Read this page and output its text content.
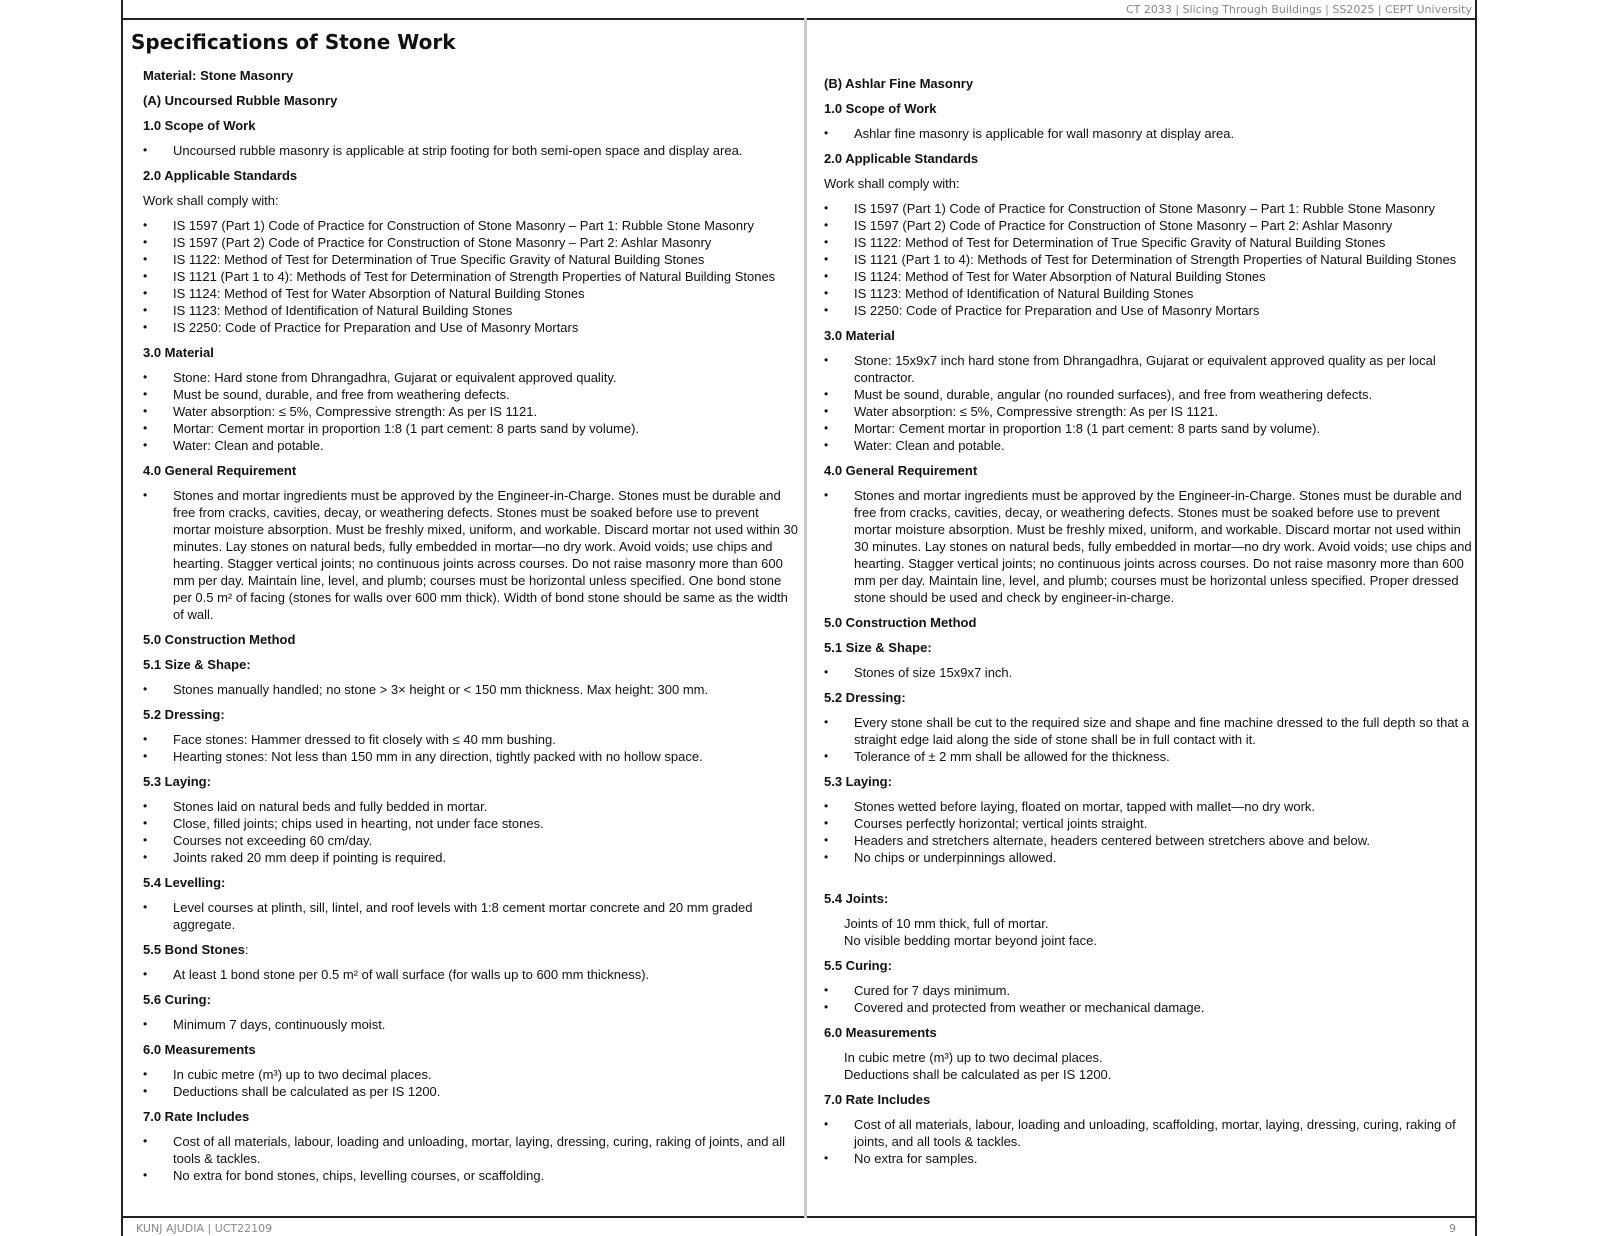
CT 2033 | Slicing Through Buildings | SS2025 | CEPT University
KUNJ AJUDIA | UCT22109	9
Specifications of Stone Work
Material: Stone Masonry
(A) Uncoursed Rubble Masonry
1.0 Scope of Work
• Uncoursed rubble masonry is applicable at strip footing for both semi-open space and display area.
2.0 Applicable Standards
Work shall comply with:
• IS 1597 (Part 1) Code of Practice for Construction of Stone Masonry – Part 1: Rubble Stone Masonry
• IS 1597 (Part 2) Code of Practice for Construction of Stone Masonry – Part 2: Ashlar Masonry
• IS 1122: Method of Test for Determination of True Specific Gravity of Natural Building Stones
• IS 1121 (Part 1 to 4): Methods of Test for Determination of Strength Properties of Natural Building Stones
• IS 1124: Method of Test for Water Absorption of Natural Building Stones
• IS 1123: Method of Identification of Natural Building Stones
• IS 2250: Code of Practice for Preparation and Use of Masonry Mortars
3.0 Material
• Stone: Hard stone from Dhrangadhra, Gujarat or equivalent approved quality.
• Must be sound, durable, and free from weathering defects.
• Water absorption: ≤ 5%, Compressive strength: As per IS 1121.
• Mortar: Cement mortar in proportion 1:8 (1 part cement: 8 parts sand by volume).
• Water: Clean and potable.
4.0 General Requirement
• Stones and mortar ingredients must be approved by the Engineer-in-Charge. Stones must be durable and free from cracks, cavities, decay, or weathering defects. Stones must be soaked before use to prevent mortar moisture absorption. Must be freshly mixed, uniform, and workable. Discard mortar not used within 30 minutes. Lay stones on natural beds, fully embedded in mortar—no dry work. Avoid voids; use chips and hearting. Stagger vertical joints; no continuous joints across courses. Do not raise masonry more than 600 mm per day. Maintain line, level, and plumb; courses must be horizontal unless specified. One bond stone per 0.5 m² of facing (stones for walls over 600 mm thick). Width of bond stone should be same as the width of wall.
5.0 Construction Method
5.1 Size & Shape:
• Stones manually handled; no stone > 3× height or < 150 mm thickness. Max height: 300 mm.
5.2 Dressing:
• Face stones: Hammer dressed to fit closely with ≤ 40 mm bushing.
• Hearting stones: Not less than 150 mm in any direction, tightly packed with no hollow space.
5.3 Laying:
• Stones laid on natural beds and fully bedded in mortar.
• Close, filled joints; chips used in hearting, not under face stones.
• Courses not exceeding 60 cm/day.
• Joints raked 20 mm deep if pointing is required.
5.4 Levelling:
• Level courses at plinth, sill, lintel, and roof levels with 1:8 cement mortar concrete and 20 mm graded aggregate.
5.5 Bond Stones:
• At least 1 bond stone per 0.5 m² of wall surface (for walls up to 600 mm thickness).
5.6 Curing:
• Minimum 7 days, continuously moist.
6.0 Measurements
• In cubic metre (m³) up to two decimal places.
• Deductions shall be calculated as per IS 1200.
7.0 Rate Includes
• Cost of all materials, labour, loading and unloading, mortar, laying, dressing, curing, raking of joints, and all tools & tackles.
• No extra for bond stones, chips, levelling courses, or scaffolding.
(B) Ashlar Fine Masonry
1.0 Scope of Work
• Ashlar fine masonry is applicable for wall masonry at display area.
2.0 Applicable Standards
Work shall comply with:
• IS 1597 (Part 1) Code of Practice for Construction of Stone Masonry – Part 1: Rubble Stone Masonry
• IS 1597 (Part 2) Code of Practice for Construction of Stone Masonry – Part 2: Ashlar Masonry
• IS 1122: Method of Test for Determination of True Specific Gravity of Natural Building Stones
• IS 1121 (Part 1 to 4): Methods of Test for Determination of Strength Properties of Natural Building Stones
• IS 1124: Method of Test for Water Absorption of Natural Building Stones
• IS 1123: Method of Identification of Natural Building Stones
• IS 2250: Code of Practice for Preparation and Use of Masonry Mortars
3.0 Material
• Stone: 15x9x7 inch hard stone from Dhrangadhra, Gujarat or equivalent approved quality as per local contractor.
• Must be sound, durable, angular (no rounded surfaces), and free from weathering defects.
• Water absorption: ≤ 5%, Compressive strength: As per IS 1121.
• Mortar: Cement mortar in proportion 1:8 (1 part cement: 8 parts sand by volume).
• Water: Clean and potable.
4.0 General Requirement
• Stones and mortar ingredients must be approved by the Engineer-in-Charge. Stones must be durable and free from cracks, cavities, decay, or weathering defects. Stones must be soaked before use to prevent mortar moisture absorption. Must be freshly mixed, uniform, and workable. Discard mortar not used within 30 minutes. Lay stones on natural beds, fully embedded in mortar—no dry work. Avoid voids; use chips and hearting. Stagger vertical joints; no continuous joints across courses. Do not raise masonry more than 600 mm per day. Maintain line, level, and plumb; courses must be horizontal unless specified. Proper dressed stone should be used and check by engineer-in-charge.
5.0 Construction Method
5.1 Size & Shape:
• Stones of size 15x9x7 inch.
5.2 Dressing:
• Every stone shall be cut to the required size and shape and fine machine dressed to the full depth so that a straight edge laid along the side of stone shall be in full contact with it.
• Tolerance of ± 2 mm shall be allowed for the thickness.
5.3 Laying:
• Stones wetted before laying, floated on mortar, tapped with mallet—no dry work.
• Courses perfectly horizontal; vertical joints straight.
• Headers and stretchers alternate, headers centered between stretchers above and below.
• No chips or underpinnings allowed.
5.4 Joints:
Joints of 10 mm thick, full of mortar.
No visible bedding mortar beyond joint face.
5.5 Curing:
• Cured for 7 days minimum.
• Covered and protected from weather or mechanical damage.
6.0 Measurements
In cubic metre (m³) up to two decimal places.
Deductions shall be calculated as per IS 1200.
7.0 Rate Includes
• Cost of all materials, labour, loading and unloading, scaffolding, mortar, laying, dressing, curing, raking of joints, and all tools & tackles.
• No extra for samples.
